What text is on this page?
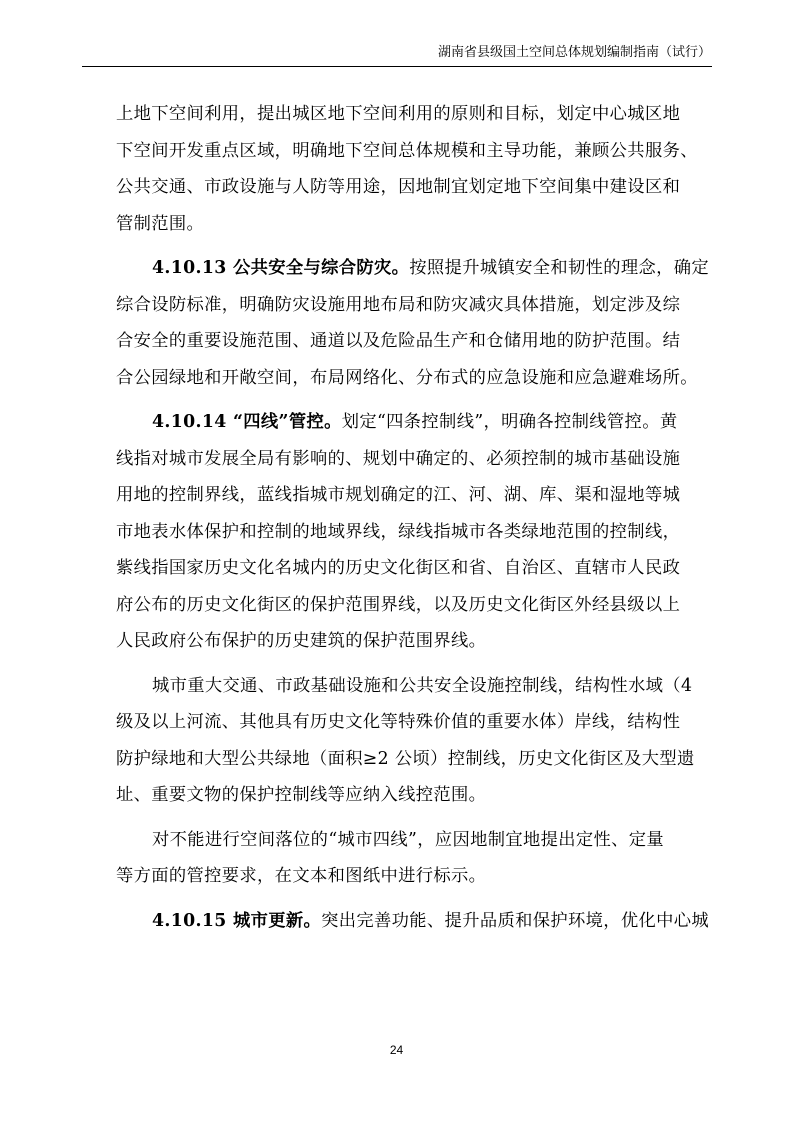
湖南省县级国土空间总体规划编制指南（试行）
上地下空间利用，提出城区地下空间利用的原则和目标，划定中心城区地
下空间开发重点区域，明确地下空间总体规模和主导功能，兼顾公共服务、
公共交通、市政设施与人防等用途，因地制宜划定地下空间集中建设区和
管制范围。
4.10.13 公共安全与综合防灾。按照提升城镇安全和韧性的理念，确定
综合设防标准，明确防灾设施用地布局和防灾减灾具体措施，划定涉及综
合安全的重要设施范围、通道以及危险品生产和仓储用地的防护范围。结
合公园绿地和开敞空间，布局网络化、分布式的应急设施和应急避难场所。
4.10.14 “四线”管控。划定“四条控制线”，明确各控制线管控。黄
线指对城市发展全局有影响的、规划中确定的、必须控制的城市基础设施
用地的控制界线，蓝线指城市规划确定的江、河、湖、库、渠和湿地等城
市地表水体保护和控制的地域界线，绿线指城市各类绿地范围的控制线，
紫线指国家历史文化名城内的历史文化街区和省、自治区、直辖市人民政
府公布的历史文化街区的保护范围界线，以及历史文化街区外经县级以上
人民政府公布保护的历史建筑的保护范围界线。
城市重大交通、市政基础设施和公共安全设施控制线，结构性水域（4
级及以上河流、其他具有历史文化等特殊价值的重要水体）岸线，结构性
防护绿地和大型公共绿地（面积≥2 公顷）控制线，历史文化街区及大型遗
址、重要文物的保护控制线等应纳入线控范围。
对不能进行空间落位的“城市四线”，应因地制宜地提出定性、定量
等方面的管控要求，在文本和图纸中进行标示。
4.10.15 城市更新。突出完善功能、提升品质和保护环境，优化中心城
24
